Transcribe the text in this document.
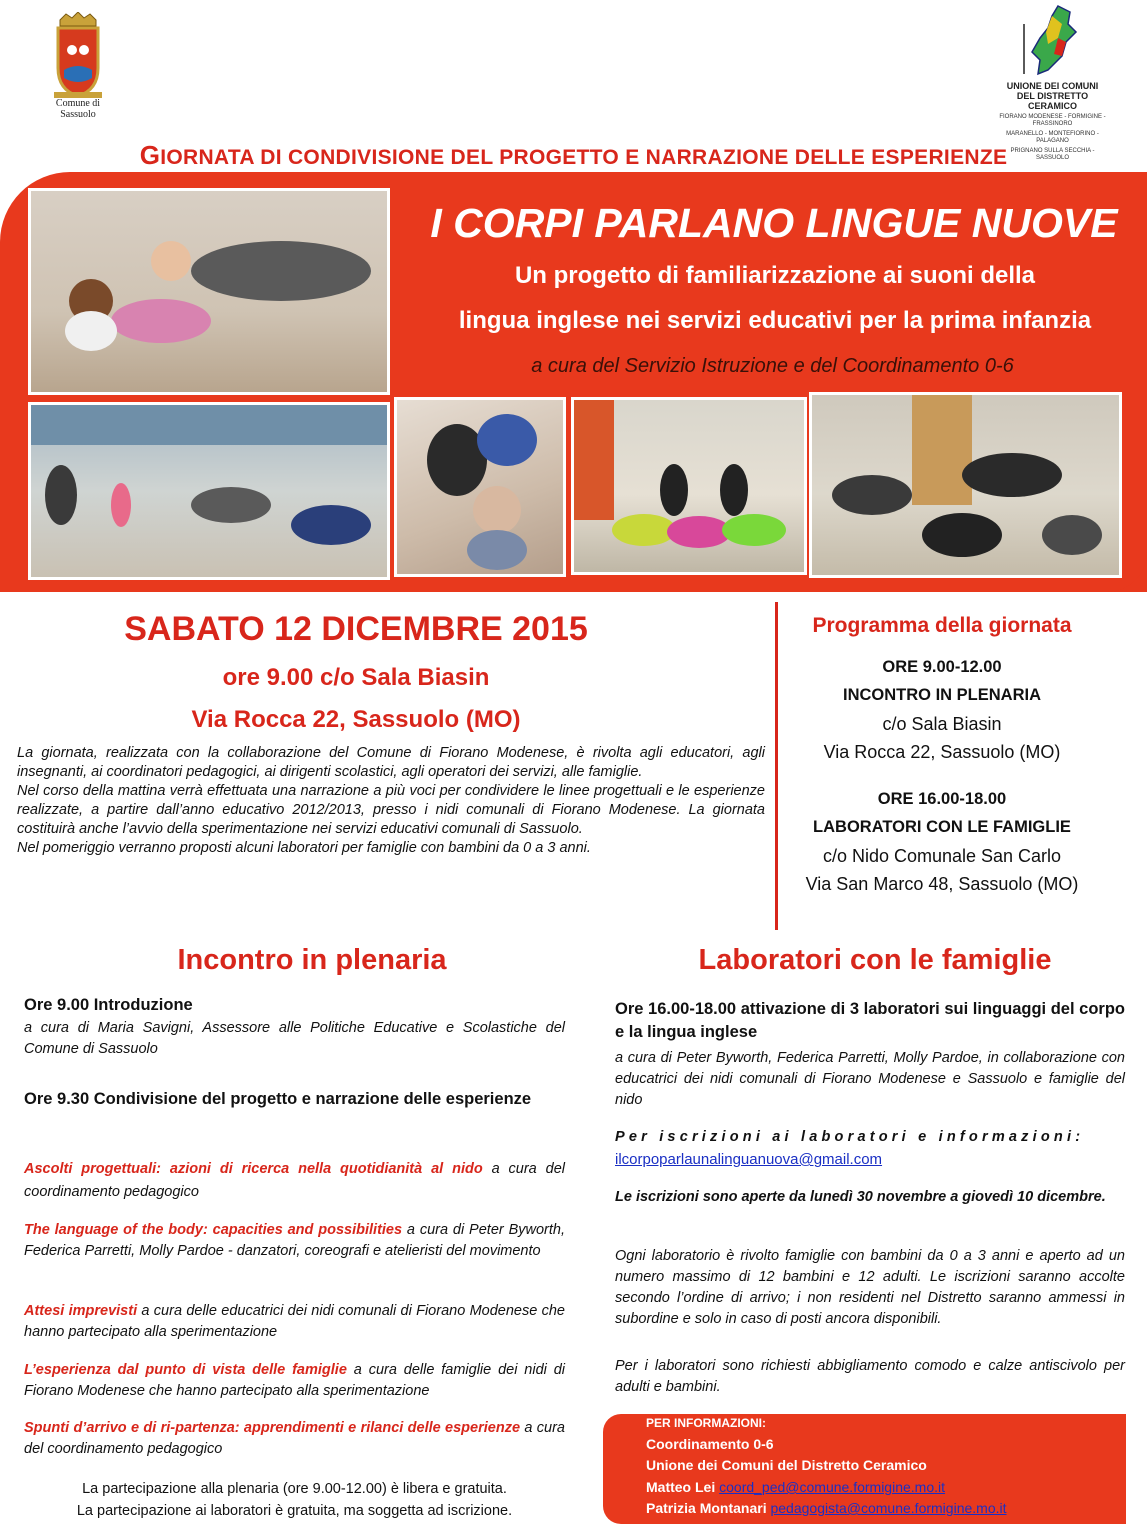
Comune di
Sassuolo
UNIONE DEI COMUNI
DEL DISTRETTO
CERAMICO
FIORANO MODENESE - FORMIGINE - FRASSINORO
MARANELLO - MONTEFIORINO - PALAGANO
PRIGNANO SULLA SECCHIA - SASSUOLO
GIORNATA DI CONDIVISIONE DEL PROGETTO E NARRAZIONE DELLE ESPERIENZE
I CORPI PARLANO LINGUE NUOVE
Un progetto di familiarizzazione ai suoni della
lingua inglese nei servizi educativi per la prima infanzia
a cura del Servizio Istruzione e del Coordinamento 0-6
SABATO 12 DICEMBRE 2015
ore 9.00 c/o Sala Biasin
Via Rocca 22, Sassuolo (MO)
La giornata, realizzata con la collaborazione del Comune di Fiorano Modenese, è rivolta agli educatori, agli insegnanti, ai coordinatori pedagogici, ai dirigenti scolastici, agli operatori dei servizi, alle famiglie.
Nel corso della mattina verrà effettuata una narrazione a più voci per condividere le linee progettuali e le esperienze realizzate, a partire dall’anno educativo 2012/2013, presso i nidi comunali di Fiorano Modenese. La giornata costituirà anche l’avvio della sperimentazione nei servizi educativi comunali di Sassuolo.
Nel pomeriggio verranno proposti alcuni laboratori per famiglie con bambini da 0 a 3 anni.
Programma della giornata
ORE 9.00-12.00
INCONTRO IN PLENARIA
c/o Sala Biasin
Via Rocca 22, Sassuolo (MO)
ORE 16.00-18.00
LABORATORI CON LE FAMIGLIE
c/o Nido Comunale San Carlo
Via San Marco 48, Sassuolo (MO)
Incontro in plenaria
Ore 9.00 Introduzione
a cura di Maria Savigni, Assessore alle Politiche Educative e Scolastiche del Comune di Sassuolo
Ore 9.30 Condivisione del progetto e narrazione delle esperienze
Ascolti progettuali: azioni di ricerca nella quotidianità al nido a cura del coordinamento pedagogico
The language of the body: capacities and possibilities a cura di Peter Byworth, Federica Parretti, Molly Pardoe - danzatori, coreografi e atelieristi del movimento
Attesi imprevisti a cura delle educatrici dei nidi comunali di Fiorano Modenese che hanno partecipato alla sperimentazione
L’esperienza dal punto di vista delle famiglie a cura delle famiglie dei nidi di Fiorano Modenese che hanno partecipato alla sperimentazione
Spunti d’arrivo e di ri-partenza: apprendimenti e rilanci delle esperienze a cura del coordinamento pedagogico
La partecipazione alla plenaria (ore 9.00-12.00) è libera e gratuita.
La partecipazione ai laboratori è gratuita, ma soggetta ad iscrizione.
Laboratori con le famiglie
Ore 16.00-18.00 attivazione di 3 laboratori sui linguaggi del corpo e la lingua inglese
a cura di Peter Byworth, Federica Parretti, Molly Pardoe, in collaborazione con educatrici dei nidi comunali di Fiorano Modenese e Sassuolo e famiglie del nido
Per iscrizioni ai laboratori e informazioni:
ilcorpoparlaunalinguanuova@gmail.com
Le iscrizioni sono aperte da lunedì 30 novembre a giovedì 10 dicembre.
Ogni laboratorio è rivolto famiglie con bambini da 0 a 3 anni e aperto ad un numero massimo di 12 bambini e 12 adulti. Le iscrizioni saranno accolte secondo l’ordine di arrivo; i non residenti nel Distretto saranno ammessi in subordine e solo in caso di posti ancora disponibili.
Per i laboratori sono richiesti abbigliamento comodo e calze antiscivolo per adulti e bambini.
PER INFORMAZIONI:
Coordinamento 0-6
Unione dei Comuni del Distretto Ceramico
Matteo Lei coord_ped@comune.formigine.mo.it
Patrizia Montanari pedagogista@comune.formigine.mo.it
